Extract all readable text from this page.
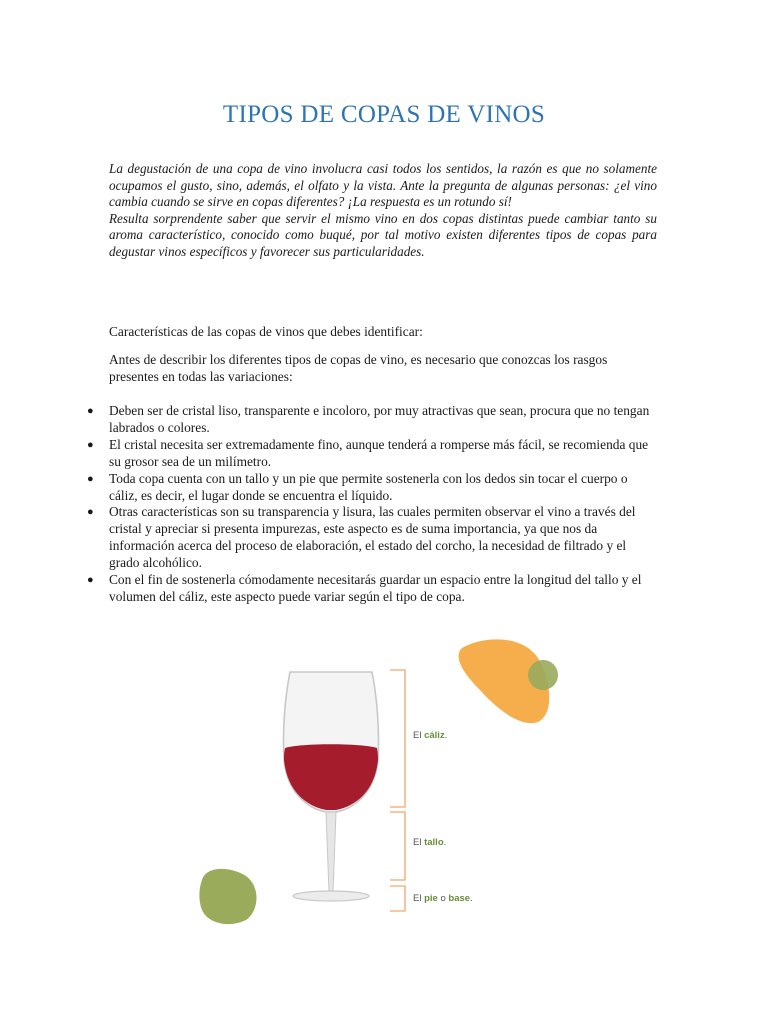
TIPOS DE COPAS DE VINOS

La degustación de una copa de vino involucra casi todos los sentidos, la razón es que no solamente ocupamos el gusto, sino, además, el olfato y la vista. Ante la pregunta de algunas personas: ¿el vino cambia cuando se sirve en copas diferentes? ¡La respuesta es un rotundo sí!

Resulta sorprendente saber que servir el mismo vino en dos copas distintas puede cambiar tanto su aroma característico, conocido como buqué, por tal motivo existen diferentes tipos de copas para degustar vinos específicos y favorecer sus particularidades.

Características de las copas de vinos que debes identificar:

Antes de describir los diferentes tipos de copas de vino, es necesario que conozcas los rasgos presentes en todas las variaciones:

● Deben ser de cristal liso, transparente e incoloro, por muy atractivas que sean, procura que no tengan labrados o colores.
● El cristal necesita ser extremadamente fino, aunque tenderá a romperse más fácil, se recomienda que su grosor sea de un milímetro.
● Toda copa cuenta con un tallo y un pie que permite sostenerla con los dedos sin tocar el cuerpo o cáliz, es decir, el lugar donde se encuentra el líquido.
● Otras características son su transparencia y lisura, las cuales permiten observar el vino a través del cristal y apreciar si presenta impurezas, este aspecto es de suma importancia, ya que nos da información acerca del proceso de elaboración, el estado del corcho, la necesidad de filtrado y el grado alcohólico.
● Con el fin de sostenerla cómodamente necesitarás guardar un espacio entre la longitud del tallo y el volumen del cáliz, este aspecto puede variar según el tipo de copa.
El cáliz.
El tallo.
El pie o base.
